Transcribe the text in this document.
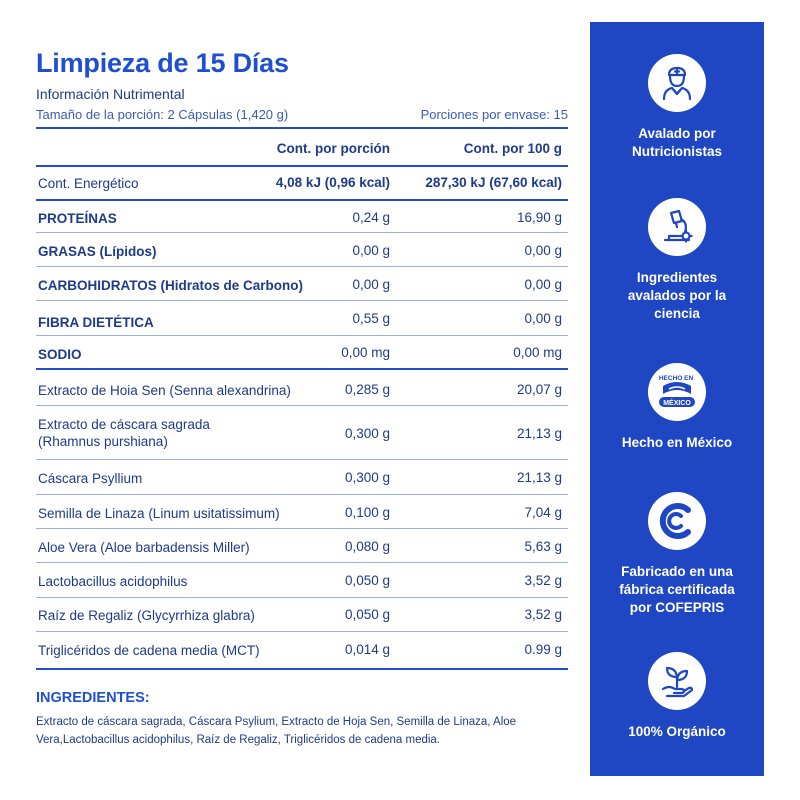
Limpieza de 15 Días
Información Nutrimental
Tamaño de la porción: 2 Cápsulas (1,420 g)	Porciones por envase: 15
Cont. por porción	Cont. por 100 g
Cont. Energético	4,08 kJ (0,96 kcal)	287,30 kJ (67,60 kcal)
PROTEÍNAS	0,24 g	16,90 g
GRASAS (Lípidos)	0,00 g	0,00 g
CARBOHIDRATOS (Hidratos de Carbono)	0,00 g	0,00 g
FIBRA DIETÉTICA	0,55 g	0,00 g
SODIO	0,00 mg	0,00 mg
Extracto de Hoia Sen (Senna alexandrina)	0,285 g	20,07 g
Extracto de cáscara sagrada
(Rhamnus purshiana)
0,300 g	21,13 g
Cáscara Psyllium	0,300 g	21,13 g
Semilla de Linaza (Linum usitatissimum)	0,100 g	7,04 g
Aloe Vera (Aloe barbadensis Miller)	0,080 g	5,63 g
Lactobacillus acidophilus	0,050 g	3,52 g
Raíz de Regaliz (Glycyrrhiza glabra)	0,050 g	3,52 g
Triglicéridos de cadena media (MCT)	0,014 g	0.99 g
INGREDIENTES:
Extracto de cáscara sagrada, Cáscara Psylium, Extracto de Hoja Sen, Semilla de Linaza, Aloe Vera,Lactobacillus acidophilus, Raíz de Regaliz, Triglicéridos de cadena media.
Avalado por
Nutricionistas
Ingredientes
avalados por la
ciencia
HECHO EN
MÉXICO
Hecho en México
Fabricado en una
fábrica certificada
por COFEPRIS
100% Orgánico
